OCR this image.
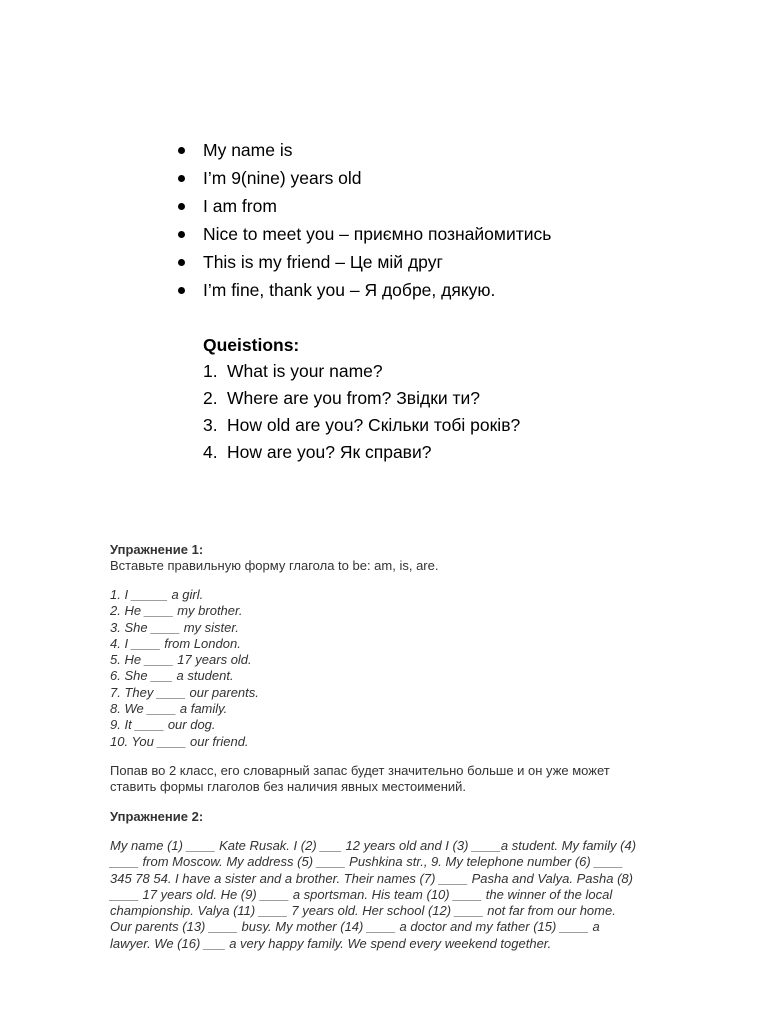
My name is
I’m 9(nine) years old
I am from
Nice to meet you – приємно познайомитись
This is my friend – Це мій друг
I’m fine, thank you – Я добре, дякую.
Queistions:
1. What is your name?
2. Where are you from? Звідки ти?
3. How old are you? Скільки тобі років?
4. How are you? Як справи?
Упражнение 1:
Вставьте правильную форму глагола to be: am, is, are.
1. I _____ a girl.
2. He ____ my brother.
3. She ____ my sister.
4. I ____ from London.
5. He ____ 17 years old.
6. She ___ a student.
7. They ____ our parents.
8. We ____ a family.
9. It ____ our dog.
10. You ____ our friend.
Попав во 2 класс, его словарный запас будет значительно больше и он уже может
ставить формы глаголов без наличия явных местоимений.
Упражнение 2:
My name (1) ____ Kate Rusak. I (2) ___ 12 years old and I (3) ____a student. My family (4)
____ from Moscow. My address (5) ____ Pushkina str., 9. My telephone number (6) ____
345 78 54. I have a sister and a brother. Their names (7) ____ Pasha and Valya. Pasha (8)
____ 17 years old. He (9) ____ a sportsman. His team (10) ____ the winner of the local
championship. Valya (11) ____ 7 years old. Her school (12) ____ not far from our home.
Our parents (13) ____ busy. My mother (14) ____ a doctor and my father (15) ____ a
lawyer. We (16) ___ a very happy family. We spend every weekend together.
